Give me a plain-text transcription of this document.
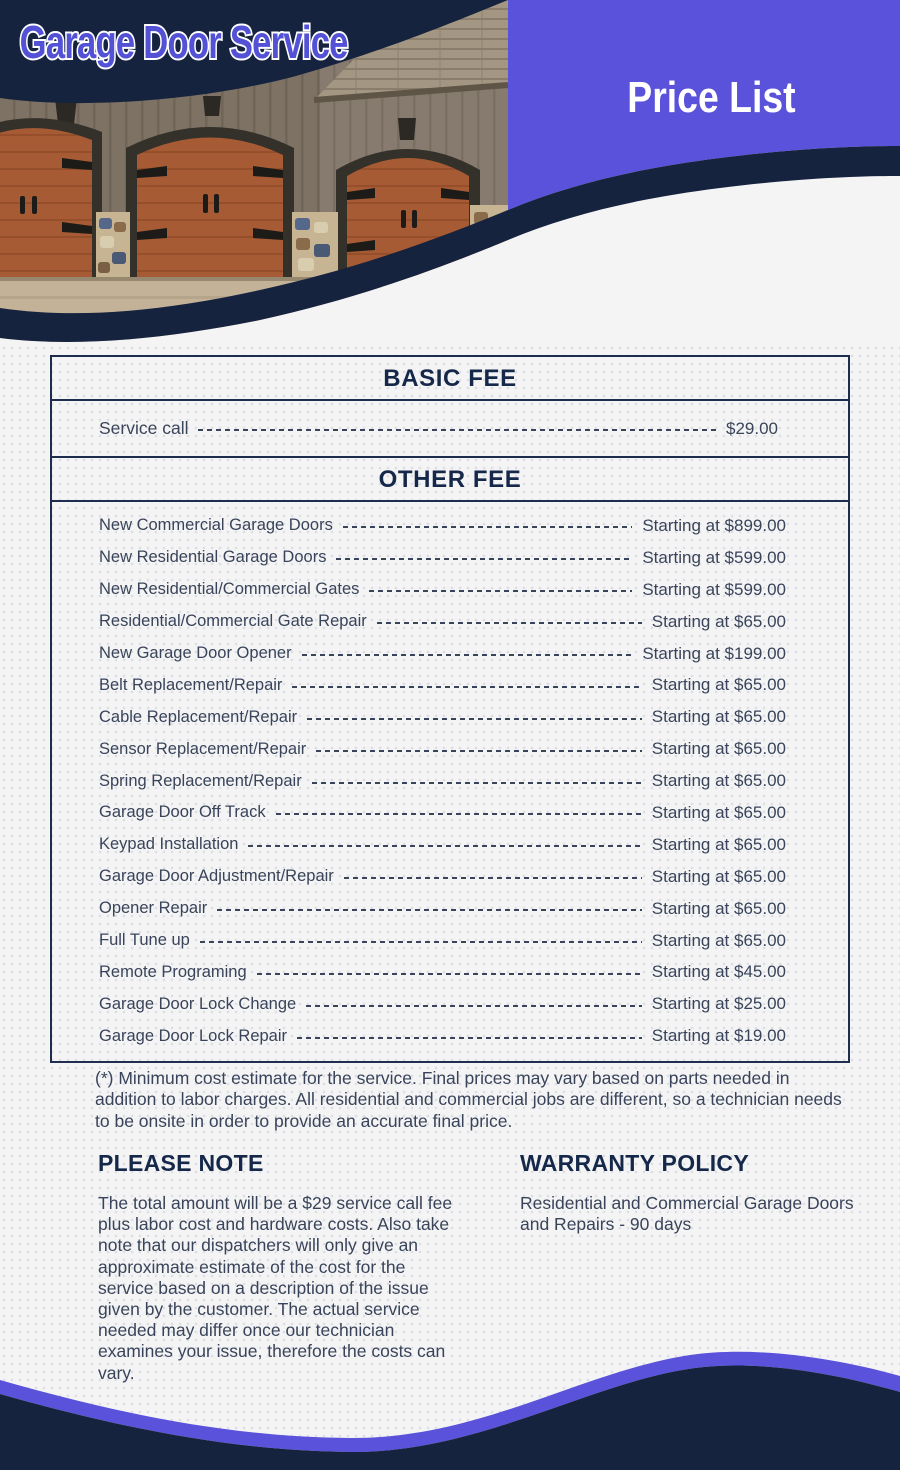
Garage Door Service
Price List
BASIC FEE
Service call	$29.00
OTHER FEE
New Commercial Garage Doors	Starting at $899.00
New Residential Garage Doors	Starting at $599.00
New Residential/Commercial Gates	Starting at $599.00
Residential/Commercial Gate Repair	Starting at $65.00
New Garage Door Opener	Starting at $199.00
Belt Replacement/Repair	Starting at $65.00
Cable Replacement/Repair	Starting at $65.00
Sensor Replacement/Repair	Starting at $65.00
Spring Replacement/Repair	Starting at $65.00
Garage Door Off Track	Starting at $65.00
Keypad Installation	Starting at $65.00
Garage Door Adjustment/Repair	Starting at $65.00
Opener Repair	Starting at $65.00
Full Tune up	Starting at $65.00
Remote Programing	Starting at $45.00
Garage Door Lock Change	Starting at $25.00
Garage Door Lock Repair	Starting at $19.00
(*) Minimum cost estimate for the service. Final prices may vary based on parts needed in addition to labor charges. All residential and commercial jobs are different, so a technician needs to be onsite in order to provide an accurate final price.
PLEASE NOTE
The total amount will be a $29 service call fee plus labor cost and hardware costs. Also take note that our dispatchers will only give an approximate estimate of the cost for the service based on a description of the issue given by the customer. The actual service needed may differ once our technician examines your issue, therefore the costs can vary.
WARRANTY POLICY
Residential and Commercial Garage Doors and Repairs - 90 days
